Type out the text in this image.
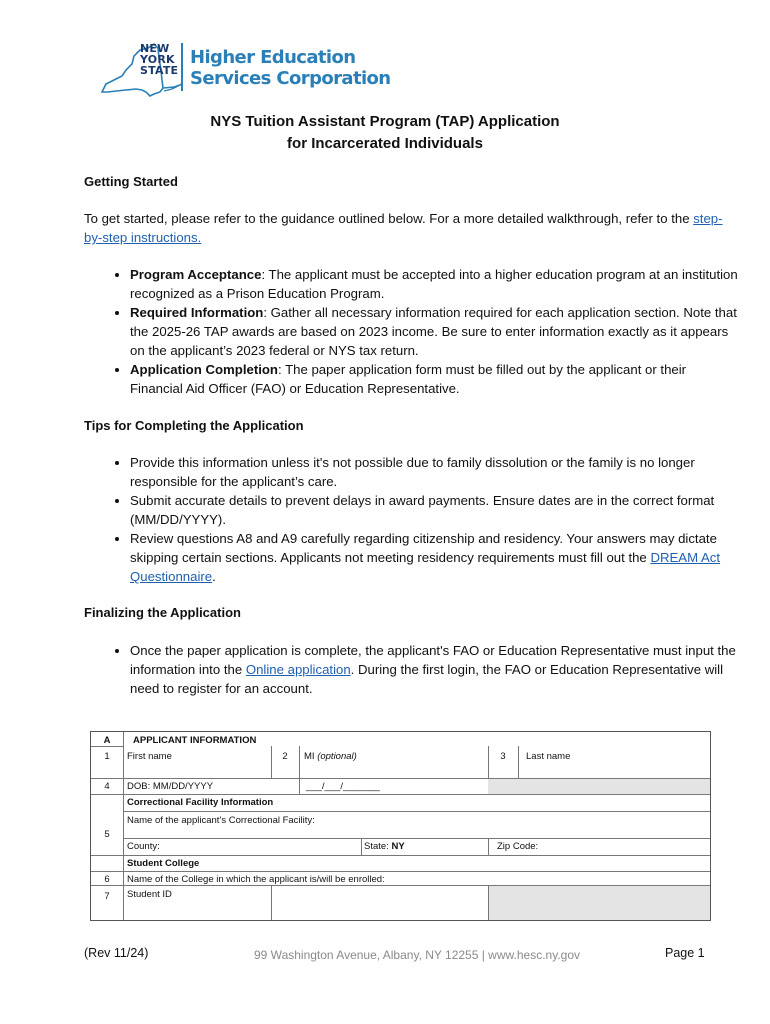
NEW
YORK
STATE
Higher Education
Services Corporation
NYS Tuition Assistant Program (TAP) Application
for Incarcerated Individuals
Getting Started
To get started, please refer to the guidance outlined below. For a more detailed walkthrough, refer to the step-by-step instructions.
• Program Acceptance: The applicant must be accepted into a higher education program at an institution recognized as a Prison Education Program.
• Required Information: Gather all necessary information required for each application section. Note that the 2025-26 TAP awards are based on 2023 income. Be sure to enter information exactly as it appears on the applicant’s 2023 federal or NYS tax return.
• Application Completion: The paper application form must be filled out by the applicant or their Financial Aid Officer (FAO) or Education Representative.
Tips for Completing the Application
• Provide this information unless it's not possible due to family dissolution or the family is no longer responsible for the applicant’s care.
• Submit accurate details to prevent delays in award payments. Ensure dates are in the correct format (MM/DD/YYYY).
• Review questions A8 and A9 carefully regarding citizenship and residency. Your answers may dictate skipping certain sections. Applicants not meeting residency requirements must fill out the DREAM Act Questionnaire.
Finalizing the Application
• Once the paper application is complete, the applicant's FAO or Education Representative must input the information into the Online application. During the first login, the FAO or Education Representative will need to register for an account.
A	APPLICANT INFORMATION
1	First name	2	MI (optional)	3	Last name
4	DOB: MM/DD/YYYY	___/___/_______
Correctional Facility Information
Name of the applicant’s Correctional Facility:
5
County:	State: NY	Zip Code:
Student College
6	Name of the College in which the applicant is/will be enrolled:
7	Student ID
(Rev 11/24)	99 Washington Avenue, Albany, NY 12255 | www.hesc.ny.gov	Page 1
